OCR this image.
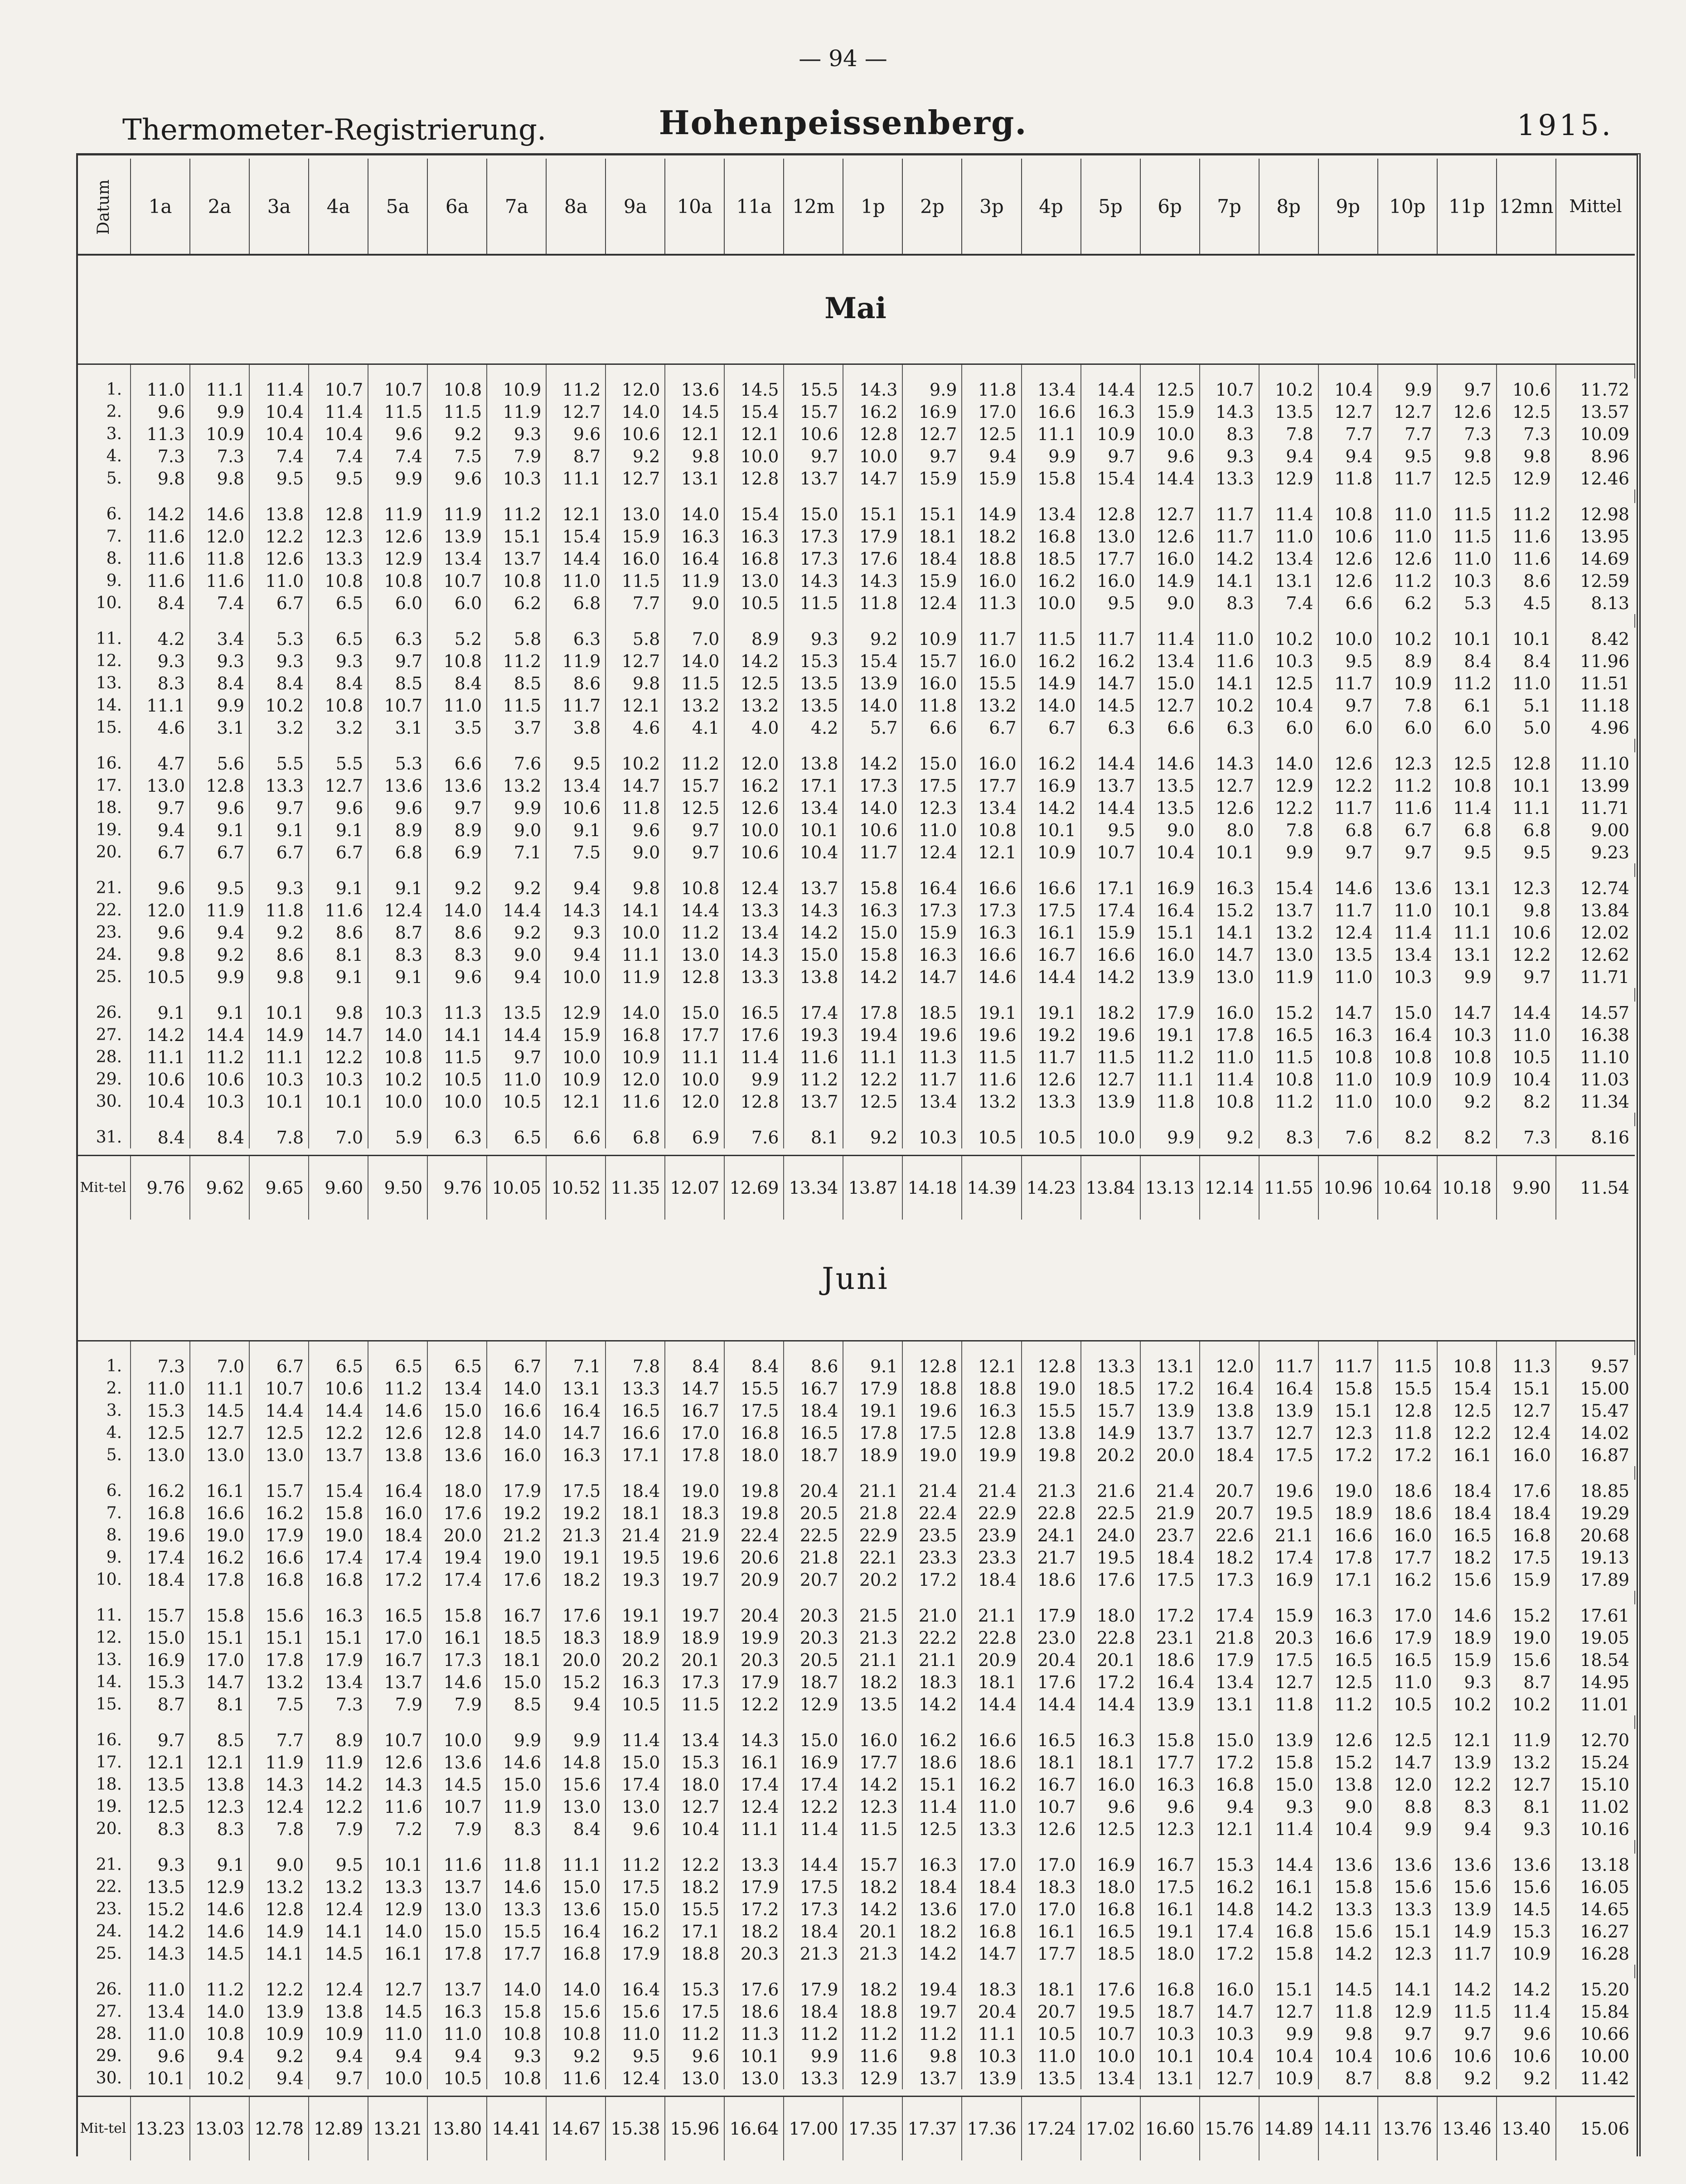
— 94 —
Thermometer-Registrierung.	Hohenpeissenberg.	1915.
Datum	1a	2a	3a	4a	5a	6a	7a	8a	9a	10a	11a	12m	1p	2p	3p	4p	5p	6p	7p	8p	9p	10p	11p	12mn	Mittel
Mai																									

1.	11.0	11.1	11.4	10.7	10.7	10.8	10.9	11.2	12.0	13.6	14.5	15.5	14.3	9.9	11.8	13.4	14.4	12.5	10.7	10.2	10.4	9.9	9.7	10.6	11.72
2.	9.6	9.9	10.4	11.4	11.5	11.5	11.9	12.7	14.0	14.5	15.4	15.7	16.2	16.9	17.0	16.6	16.3	15.9	14.3	13.5	12.7	12.7	12.6	12.5	13.57
3.	11.3	10.9	10.4	10.4	9.6	9.2	9.3	9.6	10.6	12.1	12.1	10.6	12.8	12.7	12.5	11.1	10.9	10.0	8.3	7.8	7.7	7.7	7.3	7.3	10.09
4.	7.3	7.3	7.4	7.4	7.4	7.5	7.9	8.7	9.2	9.8	10.0	9.7	10.0	9.7	9.4	9.9	9.7	9.6	9.3	9.4	9.4	9.5	9.8	9.8	8.96
5.	9.8	9.8	9.5	9.5	9.9	9.6	10.3	11.1	12.7	13.1	12.8	13.7	14.7	15.9	15.9	15.8	15.4	14.4	13.3	12.9	11.8	11.7	12.5	12.9	12.46

6.	14.2	14.6	13.8	12.8	11.9	11.9	11.2	12.1	13.0	14.0	15.4	15.0	15.1	15.1	14.9	13.4	12.8	12.7	11.7	11.4	10.8	11.0	11.5	11.2	12.98
7.	11.6	12.0	12.2	12.3	12.6	13.9	15.1	15.4	15.9	16.3	16.3	17.3	17.9	18.1	18.2	16.8	13.0	12.6	11.7	11.0	10.6	11.0	11.5	11.6	13.95
8.	11.6	11.8	12.6	13.3	12.9	13.4	13.7	14.4	16.0	16.4	16.8	17.3	17.6	18.4	18.8	18.5	17.7	16.0	14.2	13.4	12.6	12.6	11.0	11.6	14.69
9.	11.6	11.6	11.0	10.8	10.8	10.7	10.8	11.0	11.5	11.9	13.0	14.3	14.3	15.9	16.0	16.2	16.0	14.9	14.1	13.1	12.6	11.2	10.3	8.6	12.59
10.	8.4	7.4	6.7	6.5	6.0	6.0	6.2	6.8	7.7	9.0	10.5	11.5	11.8	12.4	11.3	10.0	9.5	9.0	8.3	7.4	6.6	6.2	5.3	4.5	8.13

11.	4.2	3.4	5.3	6.5	6.3	5.2	5.8	6.3	5.8	7.0	8.9	9.3	9.2	10.9	11.7	11.5	11.7	11.4	11.0	10.2	10.0	10.2	10.1	10.1	8.42
12.	9.3	9.3	9.3	9.3	9.7	10.8	11.2	11.9	12.7	14.0	14.2	15.3	15.4	15.7	16.0	16.2	16.2	13.4	11.6	10.3	9.5	8.9	8.4	8.4	11.96
13.	8.3	8.4	8.4	8.4	8.5	8.4	8.5	8.6	9.8	11.5	12.5	13.5	13.9	16.0	15.5	14.9	14.7	15.0	14.1	12.5	11.7	10.9	11.2	11.0	11.51
14.	11.1	9.9	10.2	10.8	10.7	11.0	11.5	11.7	12.1	13.2	13.2	13.5	14.0	11.8	13.2	14.0	14.5	12.7	10.2	10.4	9.7	7.8	6.1	5.1	11.18
15.	4.6	3.1	3.2	3.2	3.1	3.5	3.7	3.8	4.6	4.1	4.0	4.2	5.7	6.6	6.7	6.7	6.3	6.6	6.3	6.0	6.0	6.0	6.0	5.0	4.96

16.	4.7	5.6	5.5	5.5	5.3	6.6	7.6	9.5	10.2	11.2	12.0	13.8	14.2	15.0	16.0	16.2	14.4	14.6	14.3	14.0	12.6	12.3	12.5	12.8	11.10
17.	13.0	12.8	13.3	12.7	13.6	13.6	13.2	13.4	14.7	15.7	16.2	17.1	17.3	17.5	17.7	16.9	13.7	13.5	12.7	12.9	12.2	11.2	10.8	10.1	13.99
18.	9.7	9.6	9.7	9.6	9.6	9.7	9.9	10.6	11.8	12.5	12.6	13.4	14.0	12.3	13.4	14.2	14.4	13.5	12.6	12.2	11.7	11.6	11.4	11.1	11.71
19.	9.4	9.1	9.1	9.1	8.9	8.9	9.0	9.1	9.6	9.7	10.0	10.1	10.6	11.0	10.8	10.1	9.5	9.0	8.0	7.8	6.8	6.7	6.8	6.8	9.00
20.	6.7	6.7	6.7	6.7	6.8	6.9	7.1	7.5	9.0	9.7	10.6	10.4	11.7	12.4	12.1	10.9	10.7	10.4	10.1	9.9	9.7	9.7	9.5	9.5	9.23

21.	9.6	9.5	9.3	9.1	9.1	9.2	9.2	9.4	9.8	10.8	12.4	13.7	15.8	16.4	16.6	16.6	17.1	16.9	16.3	15.4	14.6	13.6	13.1	12.3	12.74
22.	12.0	11.9	11.8	11.6	12.4	14.0	14.4	14.3	14.1	14.4	13.3	14.3	16.3	17.3	17.3	17.5	17.4	16.4	15.2	13.7	11.7	11.0	10.1	9.8	13.84
23.	9.6	9.4	9.2	8.6	8.7	8.6	9.2	9.3	10.0	11.2	13.4	14.2	15.0	15.9	16.3	16.1	15.9	15.1	14.1	13.2	12.4	11.4	11.1	10.6	12.02
24.	9.8	9.2	8.6	8.1	8.3	8.3	9.0	9.4	11.1	13.0	14.3	15.0	15.8	16.3	16.6	16.7	16.6	16.0	14.7	13.0	13.5	13.4	13.1	12.2	12.62
25.	10.5	9.9	9.8	9.1	9.1	9.6	9.4	10.0	11.9	12.8	13.3	13.8	14.2	14.7	14.6	14.4	14.2	13.9	13.0	11.9	11.0	10.3	9.9	9.7	11.71

26.	9.1	9.1	10.1	9.8	10.3	11.3	13.5	12.9	14.0	15.0	16.5	17.4	17.8	18.5	19.1	19.1	18.2	17.9	16.0	15.2	14.7	15.0	14.7	14.4	14.57
27.	14.2	14.4	14.9	14.7	14.0	14.1	14.4	15.9	16.8	17.7	17.6	19.3	19.4	19.6	19.6	19.2	19.6	19.1	17.8	16.5	16.3	16.4	10.3	11.0	16.38
28.	11.1	11.2	11.1	12.2	10.8	11.5	9.7	10.0	10.9	11.1	11.4	11.6	11.1	11.3	11.5	11.7	11.5	11.2	11.0	11.5	10.8	10.8	10.8	10.5	11.10
29.	10.6	10.6	10.3	10.3	10.2	10.5	11.0	10.9	12.0	10.0	9.9	11.2	12.2	11.7	11.6	12.6	12.7	11.1	11.4	10.8	11.0	10.9	10.9	10.4	11.03
30.	10.4	10.3	10.1	10.1	10.0	10.0	10.5	12.1	11.6	12.0	12.8	13.7	12.5	13.4	13.2	13.3	13.9	11.8	10.8	11.2	11.0	10.0	9.2	8.2	11.34

31.	8.4	8.4	7.8	7.0	5.9	6.3	6.5	6.6	6.8	6.9	7.6	8.1	9.2	10.3	10.5	10.5	10.0	9.9	9.2	8.3	7.6	8.2	8.2	7.3	8.16

Mit-tel	9.76	9.62	9.65	9.60	9.50	9.76	10.05	10.52	11.35	12.07	12.69	13.34	13.87	14.18	14.39	14.23	13.84	13.13	12.14	11.55	10.96	10.64	10.18	9.90	11.54
Juni																									

1.	7.3	7.0	6.7	6.5	6.5	6.5	6.7	7.1	7.8	8.4	8.4	8.6	9.1	12.8	12.1	12.8	13.3	13.1	12.0	11.7	11.7	11.5	10.8	11.3	9.57
2.	11.0	11.1	10.7	10.6	11.2	13.4	14.0	13.1	13.3	14.7	15.5	16.7	17.9	18.8	18.8	19.0	18.5	17.2	16.4	16.4	15.8	15.5	15.4	15.1	15.00
3.	15.3	14.5	14.4	14.4	14.6	15.0	16.6	16.4	16.5	16.7	17.5	18.4	19.1	19.6	16.3	15.5	15.7	13.9	13.8	13.9	15.1	12.8	12.5	12.7	15.47
4.	12.5	12.7	12.5	12.2	12.6	12.8	14.0	14.7	16.6	17.0	16.8	16.5	17.8	17.5	12.8	13.8	14.9	13.7	13.7	12.7	12.3	11.8	12.2	12.4	14.02
5.	13.0	13.0	13.0	13.7	13.8	13.6	16.0	16.3	17.1	17.8	18.0	18.7	18.9	19.0	19.9	19.8	20.2	20.0	18.4	17.5	17.2	17.2	16.1	16.0	16.87

6.	16.2	16.1	15.7	15.4	16.4	18.0	17.9	17.5	18.4	19.0	19.8	20.4	21.1	21.4	21.4	21.3	21.6	21.4	20.7	19.6	19.0	18.6	18.4	17.6	18.85
7.	16.8	16.6	16.2	15.8	16.0	17.6	19.2	19.2	18.1	18.3	19.8	20.5	21.8	22.4	22.9	22.8	22.5	21.9	20.7	19.5	18.9	18.6	18.4	18.4	19.29
8.	19.6	19.0	17.9	19.0	18.4	20.0	21.2	21.3	21.4	21.9	22.4	22.5	22.9	23.5	23.9	24.1	24.0	23.7	22.6	21.1	16.6	16.0	16.5	16.8	20.68
9.	17.4	16.2	16.6	17.4	17.4	19.4	19.0	19.1	19.5	19.6	20.6	21.8	22.1	23.3	23.3	21.7	19.5	18.4	18.2	17.4	17.8	17.7	18.2	17.5	19.13
10.	18.4	17.8	16.8	16.8	17.2	17.4	17.6	18.2	19.3	19.7	20.9	20.7	20.2	17.2	18.4	18.6	17.6	17.5	17.3	16.9	17.1	16.2	15.6	15.9	17.89

11.	15.7	15.8	15.6	16.3	16.5	15.8	16.7	17.6	19.1	19.7	20.4	20.3	21.5	21.0	21.1	17.9	18.0	17.2	17.4	15.9	16.3	17.0	14.6	15.2	17.61
12.	15.0	15.1	15.1	15.1	17.0	16.1	18.5	18.3	18.9	18.9	19.9	20.3	21.3	22.2	22.8	23.0	22.8	23.1	21.8	20.3	16.6	17.9	18.9	19.0	19.05
13.	16.9	17.0	17.8	17.9	16.7	17.3	18.1	20.0	20.2	20.1	20.3	20.5	21.1	21.1	20.9	20.4	20.1	18.6	17.9	17.5	16.5	16.5	15.9	15.6	18.54
14.	15.3	14.7	13.2	13.4	13.7	14.6	15.0	15.2	16.3	17.3	17.9	18.7	18.2	18.3	18.1	17.6	17.2	16.4	13.4	12.7	12.5	11.0	9.3	8.7	14.95
15.	8.7	8.1	7.5	7.3	7.9	7.9	8.5	9.4	10.5	11.5	12.2	12.9	13.5	14.2	14.4	14.4	14.4	13.9	13.1	11.8	11.2	10.5	10.2	10.2	11.01

16.	9.7	8.5	7.7	8.9	10.7	10.0	9.9	9.9	11.4	13.4	14.3	15.0	16.0	16.2	16.6	16.5	16.3	15.8	15.0	13.9	12.6	12.5	12.1	11.9	12.70
17.	12.1	12.1	11.9	11.9	12.6	13.6	14.6	14.8	15.0	15.3	16.1	16.9	17.7	18.6	18.6	18.1	18.1	17.7	17.2	15.8	15.2	14.7	13.9	13.2	15.24
18.	13.5	13.8	14.3	14.2	14.3	14.5	15.0	15.6	17.4	18.0	17.4	17.4	14.2	15.1	16.2	16.7	16.0	16.3	16.8	15.0	13.8	12.0	12.2	12.7	15.10
19.	12.5	12.3	12.4	12.2	11.6	10.7	11.9	13.0	13.0	12.7	12.4	12.2	12.3	11.4	11.0	10.7	9.6	9.6	9.4	9.3	9.0	8.8	8.3	8.1	11.02
20.	8.3	8.3	7.8	7.9	7.2	7.9	8.3	8.4	9.6	10.4	11.1	11.4	11.5	12.5	13.3	12.6	12.5	12.3	12.1	11.4	10.4	9.9	9.4	9.3	10.16

21.	9.3	9.1	9.0	9.5	10.1	11.6	11.8	11.1	11.2	12.2	13.3	14.4	15.7	16.3	17.0	17.0	16.9	16.7	15.3	14.4	13.6	13.6	13.6	13.6	13.18
22.	13.5	12.9	13.2	13.2	13.3	13.7	14.6	15.0	17.5	18.2	17.9	17.5	18.2	18.4	18.4	18.3	18.0	17.5	16.2	16.1	15.8	15.6	15.6	15.6	16.05
23.	15.2	14.6	12.8	12.4	12.9	13.0	13.3	13.6	15.0	15.5	17.2	17.3	14.2	13.6	17.0	17.0	16.8	16.1	14.8	14.2	13.3	13.3	13.9	14.5	14.65
24.	14.2	14.6	14.9	14.1	14.0	15.0	15.5	16.4	16.2	17.1	18.2	18.4	20.1	18.2	16.8	16.1	16.5	19.1	17.4	16.8	15.6	15.1	14.9	15.3	16.27
25.	14.3	14.5	14.1	14.5	16.1	17.8	17.7	16.8	17.9	18.8	20.3	21.3	21.3	14.2	14.7	17.7	18.5	18.0	17.2	15.8	14.2	12.3	11.7	10.9	16.28

26.	11.0	11.2	12.2	12.4	12.7	13.7	14.0	14.0	16.4	15.3	17.6	17.9	18.2	19.4	18.3	18.1	17.6	16.8	16.0	15.1	14.5	14.1	14.2	14.2	15.20
27.	13.4	14.0	13.9	13.8	14.5	16.3	15.8	15.6	15.6	17.5	18.6	18.4	18.8	19.7	20.4	20.7	19.5	18.7	14.7	12.7	11.8	12.9	11.5	11.4	15.84
28.	11.0	10.8	10.9	10.9	11.0	11.0	10.8	10.8	11.0	11.2	11.3	11.2	11.2	11.2	11.1	10.5	10.7	10.3	10.3	9.9	9.8	9.7	9.7	9.6	10.66
29.	9.6	9.4	9.2	9.4	9.4	9.4	9.3	9.2	9.5	9.6	10.1	9.9	11.6	9.8	10.3	11.0	10.0	10.1	10.4	10.4	10.4	10.6	10.6	10.6	10.00
30.	10.1	10.2	9.4	9.7	10.0	10.5	10.8	11.6	12.4	13.0	13.0	13.3	12.9	13.7	13.9	13.5	13.4	13.1	12.7	10.9	8.7	8.8	9.2	9.2	11.42

Mit-tel	13.23	13.03	12.78	12.89	13.21	13.80	14.41	14.67	15.38	15.96	16.64	17.00	17.35	17.37	17.36	17.24	17.02	16.60	15.76	14.89	14.11	13.76	13.46	13.40	15.06
